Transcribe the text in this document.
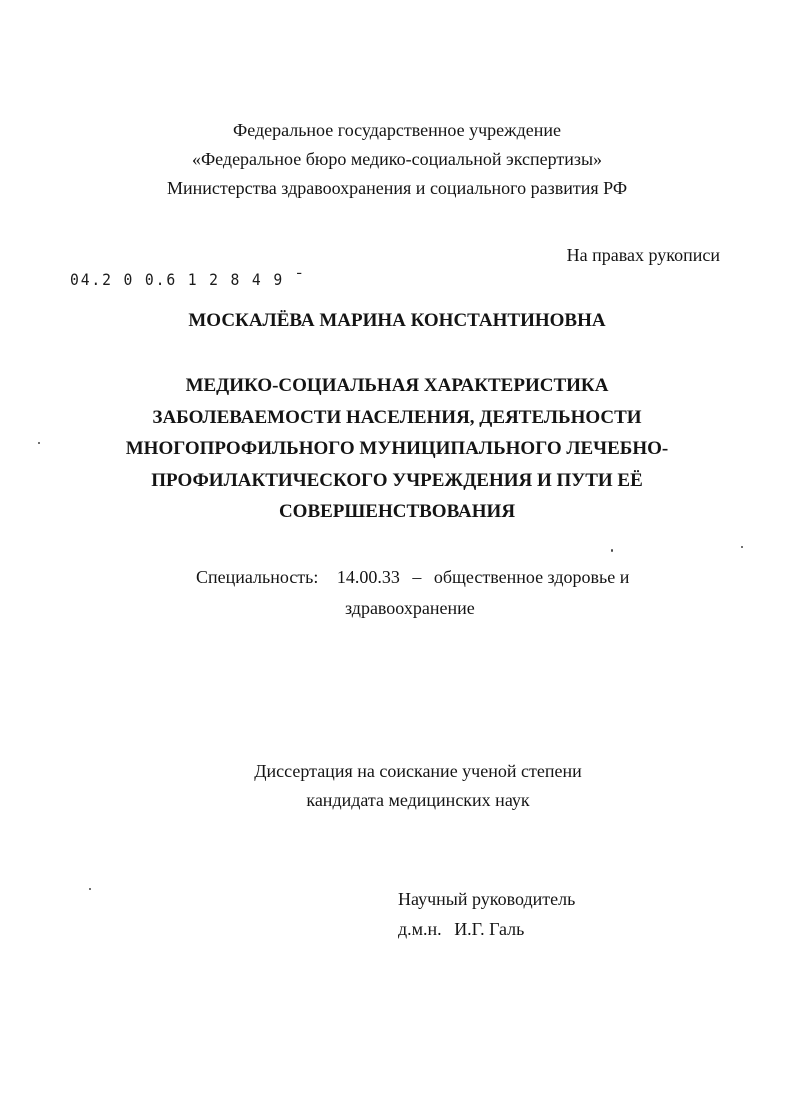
Федеральное государственное учреждение
«Федеральное бюро медико-социальной экспертизы»
Министерства здравоохранения и социального развития РФ
На правах рукописи
04.2 0 0.6 1 2 8 4 9 ˉ
МОСКАЛЁВА МАРИНА КОНСТАНТИНОВНА
МЕДИКО-СОЦИАЛЬНАЯ ХАРАКТЕРИСТИКА
ЗАБОЛЕВАЕМОСТИ НАСЕЛЕНИЯ, ДЕЯТЕЛЬНОСТИ
МНОГОПРОФИЛЬНОГО МУНИЦИПАЛЬНОГО ЛЕЧЕБНО-
ПРОФИЛАКТИЧЕСКОГО УЧРЕЖДЕНИЯ И ПУТИ ЕЁ
СОВЕРШЕНСТВОВАНИЯ
Специальность: 14.00.33 – общественное здоровье и
здравоохранение
Диссертация на соискание ученой степени
кандидата медицинских наук
Научный руководитель
д.м.н. И.Г. Галь
